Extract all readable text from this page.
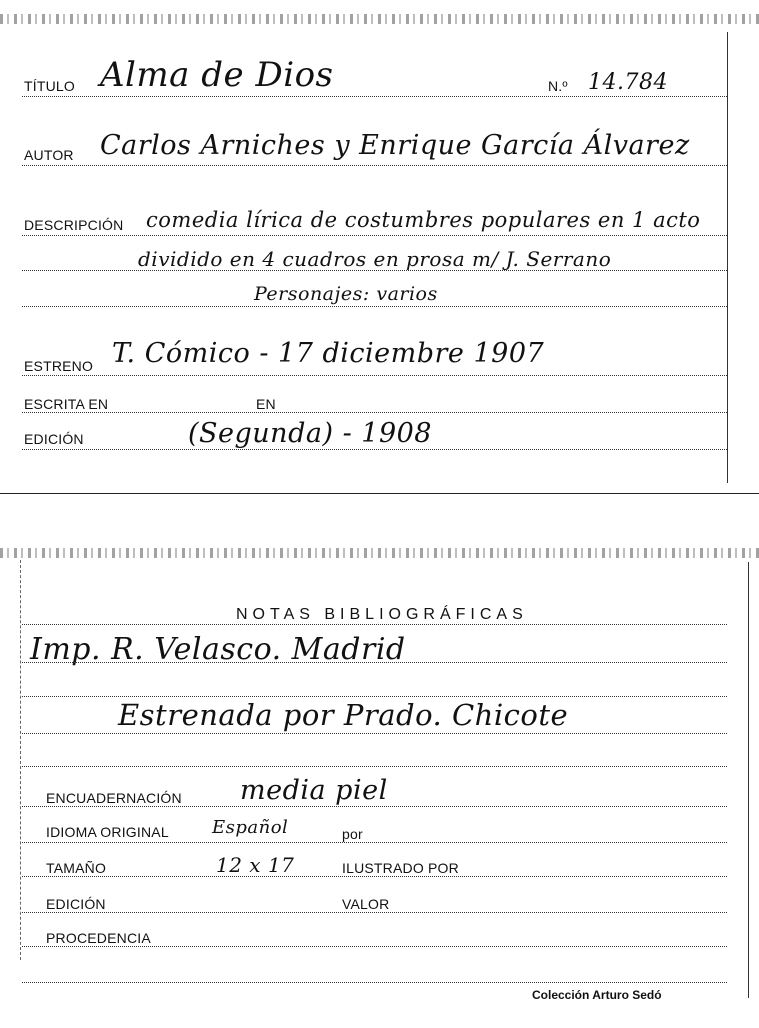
TÍTULO Alma de Dios	N.º 14.784
AUTOR Carlos Arniches y Enrique García Álvarez
DESCRIPCIÓN comedia lírica de costumbres populares en 1 acto
dividido en 4 cuadros en prosa m/ J. Serrano
Personajes: varios
ESTRENO T. Cómico - 17 diciembre 1907
ESCRITA EN	EN
EDICIÓN	(Segunda) - 1908
NOTAS BIBLIOGRÁFICAS
Imp. R. Velasco. Madrid
Estrenada por Prado. Chicote
ENCUADERNACIÓN media piel
IDIOMA ORIGINAL Español	por
TAMAÑO	12 x 17	ILUSTRADO POR
EDICIÓN	VALOR
PROCEDENCIA
Colección Arturo Sedó
